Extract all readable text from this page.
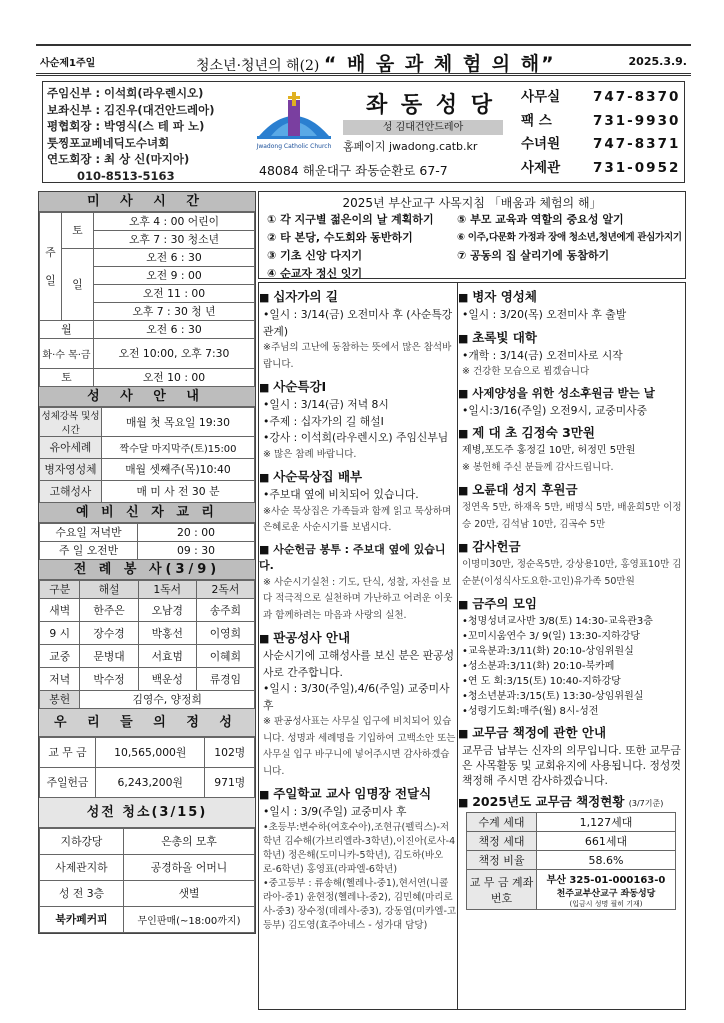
사순제1주일	청소년·청년의 해(2) “ 배 움 과 체 험 의 해”	2025.3.9.
주임신부 : 이석희(라우렌시오)
보좌신부 : 김진우(대건안드레아)
평협회장 : 박영식(스 테 파 노)
툿찡포교베네딕도수녀회
연도회장 : 최 상 신(마지아)
010-8513-5163
Jwadong Catholic Church
좌 동 성 당
성 김대건안드레아
홈페이지 jwadong.catb.kr
48084 해운대구 좌동순환로 67-7
사무실 747-8370
팩 스	731-9930
수녀원 747-8371
사제관 731-0952
미 사 시 간
주일	토	오후 4 : 00 어린이
		오후 7 : 30 청소년
	일	오전 6 : 30
		오전 9 : 00
		오전 11 : 00
		오후 7 : 30 청 년
월		오전 6 : 30
화·수 목·금		오전 10:00, 오후 7:30
토		오전 10 : 00
성 사 안 내
성체강복 및성시간	매월 첫 목요일 19:30
유아세례	짝수달 마지막주(토)15:00
병자영성체	매월 셋째주(목)10:40
고해성사	매 미 사 전 30 분
예 비 신 자 교 리
수요일 저녁반	20 : 00
주 일 오전반	09 : 30
전 례 봉 사(3/9)
구분	해설	1독서	2독서
새벽	한주은	오남경	송주희
9 시	장수경	박홍선	이영희
교중	문병대	서효범	이혜희
저녁	박수정	백운성	류경임
봉헌	김영수, 양정희		
우 리 들 의 정 성
교 무 금	10,565,000원	102명
주일헌금	6,243,200원	971명
성전 청소(3/15)
지하강당	은총의 모후
사제관지하	공경하올 어머니
성 전 3층	샛별
북카페커피	무인판매(~18:00까지)
2025년 부산교구 사목지침 「배움과 체험의 해」
① 각 지구별 젊은이의 날 계획하기	⑤ 부모 교육과 역할의 중요성 알기
② 타 본당, 수도회와 동반하기	⑥ 이주,다문화 가정과 장애 청소년,청년에게 관심가지기
③ 기초 신앙 다지기	⑦ 공동의 집 살리기에 동참하기
④ 순교자 정신 잇기
■ 십자가의 길

•일시 : 3/14(금) 오전미사 후 (사순특강관계)

※주님의 고난에 동참하는 뜻에서 많은 참석바랍니다.

■ 사순특강Ⅰ

•일시 : 3/14(금) 저녁 8시

•주제 : 십자가의 길 해설Ⅰ

•강사 : 이석희(라우렌시오) 주임신부님

※ 많은 참례 바랍니다.

■ 사순묵상집 배부

•주보대 옆에 비치되어 있습니다.

※사순 묵상집은 가족들과 함께 읽고 묵상하며 은혜로운 사순시기를 보냅시다.

■ 사순헌금 봉투 : 주보대 옆에 있습니다.

※ 사순시기실천 : 기도, 단식, 성찰, 자선을 보다 적극적으로 실천하며 가난하고 어려운 이웃과 함께하려는 마음과 사랑의 실천.

■ 판공성사 안내

사순시기에 고해성사를 보신 분은 판공성사로 간주합니다.

•일시 : 3/30(주일),4/6(주일) 교중미사 후

※ 판공성사표는 사무실 입구에 비치되어 있습니다. 성명과 세례명을 기입하여 고백소안 또는 사무실 입구 바구니에 넣어주시면 감사하겠습니다.

■ 주일학교 교사 임명장 전달식

•일시 : 3/9(주일) 교중미사 후

•초등부:변수하(여호수아),조현규(펠릭스)-저학년 김수해(가브리엘라-3학년),이진아(로사-4학년) 정은해(도미니카-5학년), 김도하(바오로-6학년) 홍영표(라파엘-6학년)

•중고등부 : 류송해(헬레나-중1),현서연(니콜라아-중1) 윤현정(헬레나-중2), 김민혜(마리로사-중3) 장수정(데레사-중3), 강동엽(미카엘-고등부) 김도영(효주아네스 - 성가대 담당)

■ 병자 영성체

•일시 : 3/20(목) 오전미사 후 출발

■ 초록빛 대학

•개학 : 3/14(금) 오전미사로 시작

※ 건강한 모습으로 뵙겠습니다

■ 사제양성을 위한 성소후원금 받는 날

•일시:3/16(주일) 오전9시, 교중미사중

■ 제 대 초 김정숙 3만원

제병,포도주 홍정길 10만, 허정민 5만원

※ 봉헌해 주신 분들께 감사드립니다.

■ 오륜대 성지 후원금

정연옥 5만, 하재옥 5만, 배명식 5만, 배윤희5만 이정승 20만, 김석남 10만, 김곡수 5만

■ 감사헌금

이명미30만, 정순옥5만, 강상용10만, 홍영표10만 김순분(이성식사도요한-고인)유가족 50만원

■ 금주의 모임

•청명성녀교사반 3/8(토) 14:30-교육관3층

•꼬미시움연수 3/ 9(일) 13:30-지하강당

•교육분과:3/11(화) 20:10-상임위원실

•성소분과:3/11(화) 20:10-북카페

•연 도 회:3/15(토) 10:40-지하강당

•청소년분과:3/15(토) 13:30-상임위원실

•성령기도회:매주(월) 8시-성전

■ 교무금 책정에 관한 안내

교무금 납부는 신자의 의무입니다. 또한 교무금은 사목활동 및 교회유지에 사용됩니다. 정성껏 책정해 주시면 감사하겠습니다.

■ 2025년도 교무금 책정현황 (3/7기준)
수계 세대	1,127세대
책정 세대	661세대
책정 비율	58.6%
교 무 금 계좌번호	부산 325-01-000163-0
천주교부산교구 좌동성당
(입금시 성명 필히 기재)
